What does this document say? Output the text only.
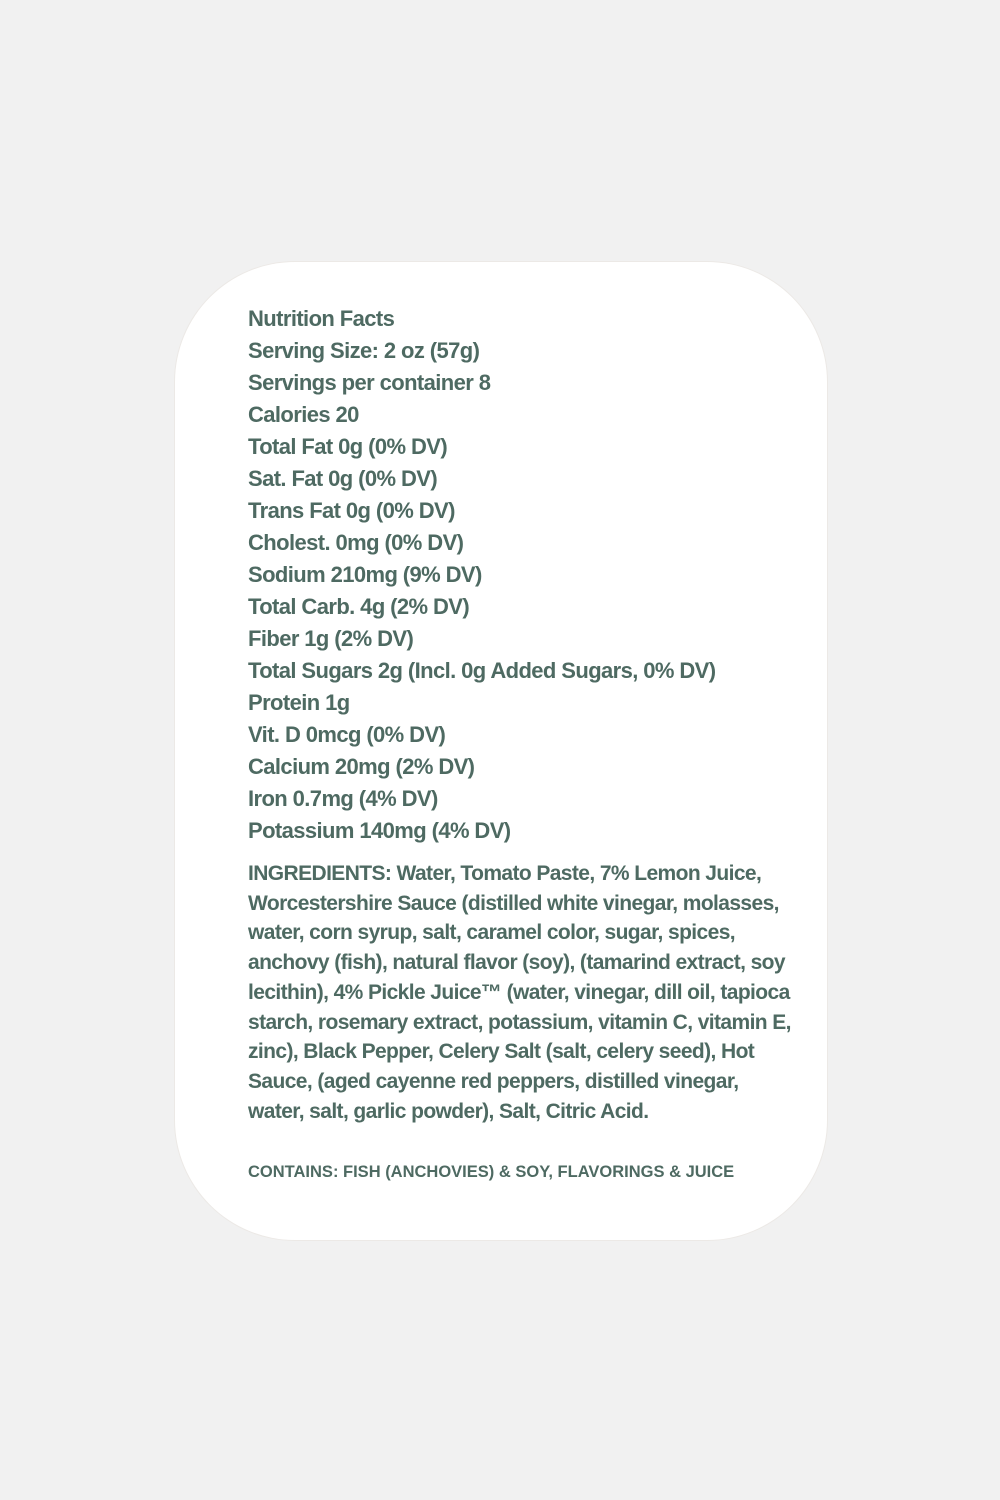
Nutrition Facts
Serving Size: 2 oz (57g)
Servings per container 8
Calories 20
Total Fat 0g (0% DV)
Sat. Fat 0g (0% DV)
Trans Fat 0g (0% DV)
Cholest. 0mg (0% DV)
Sodium 210mg (9% DV)
Total Carb. 4g (2% DV)
Fiber 1g (2% DV)
Total Sugars 2g (Incl. 0g Added Sugars, 0% DV)
Protein 1g
Vit. D 0mcg (0% DV)
Calcium 20mg (2% DV)
Iron 0.7mg (4% DV)
Potassium 140mg (4% DV)
INGREDIENTS: Water, Tomato Paste, 7% Lemon Juice, Worcestershire Sauce (distilled white vinegar, molasses, water, corn syrup, salt, caramel color, sugar, spices, anchovy (fish), natural flavor (soy), (tamarind extract, soy lecithin), 4% Pickle Juice™ (water, vinegar, dill oil, tapioca starch, rosemary extract, potassium, vitamin C, vitamin E, zinc), Black Pepper, Celery Salt (salt, celery seed), Hot Sauce, (aged cayenne red peppers, distilled vinegar, water, salt, garlic powder), Salt, Citric Acid.
CONTAINS: FISH (ANCHOVIES) & SOY, FLAVORINGS & JUICE
